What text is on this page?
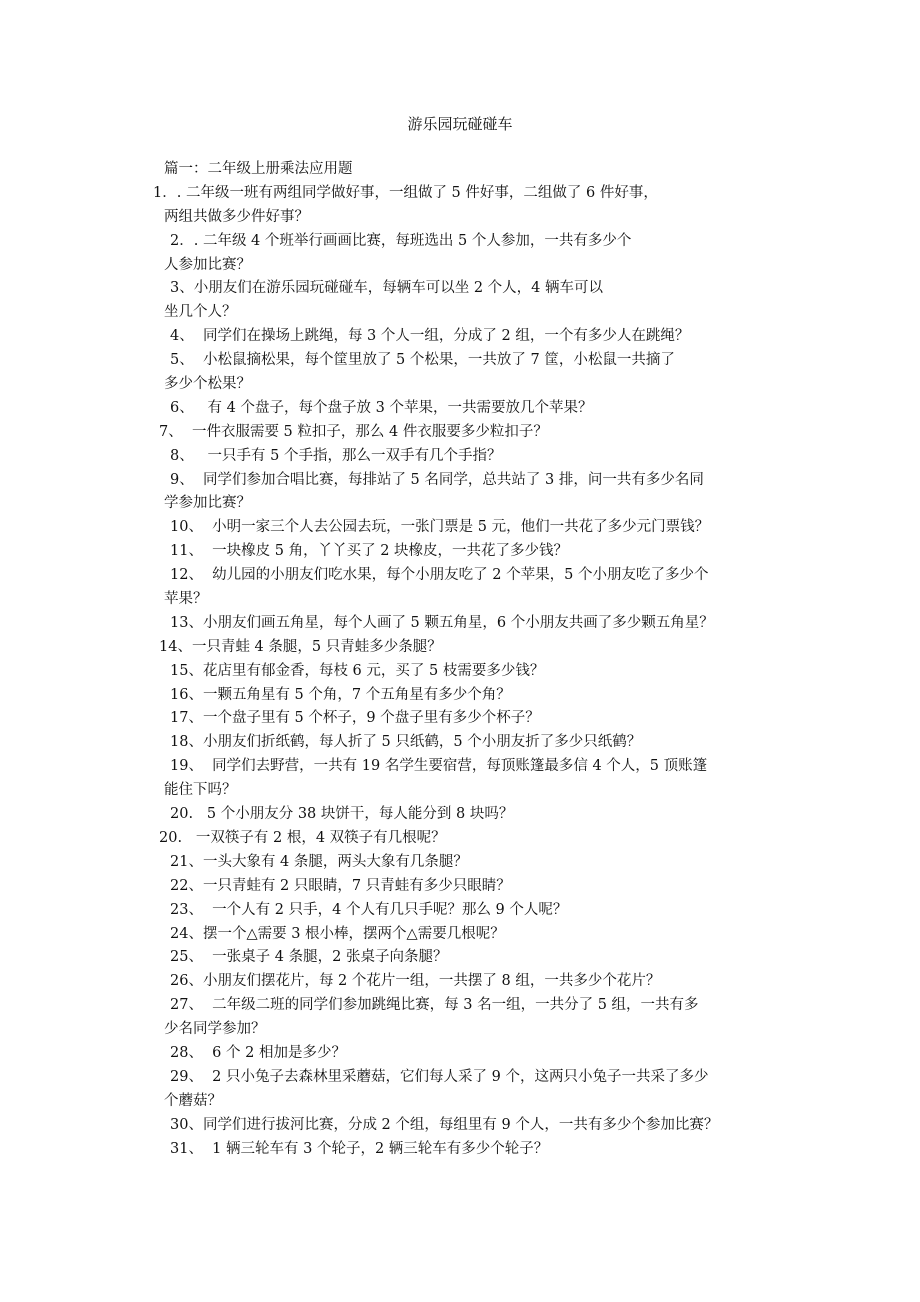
游乐园玩碰碰车
篇一：二年级上册乘法应用题
1．. 二年级一班有两组同学做好事，一组做了 5 件好事，二组做了 6 件好事，
两组共做多少件好事？
2．. 二年级 4 个班举行画画比赛，每班选出 5 个人参加，一共有多少个
人参加比赛？
3、小朋友们在游乐园玩碰碰车，每辆车可以坐 2 个人，4 辆车可以
坐几个人？
4、  同学们在操场上跳绳，每 3 个人一组，分成了 2 组，一个有多少人在跳绳？
5、  小松鼠摘松果，每个筐里放了 5 个松果，一共放了 7 筐，小松鼠一共摘了
多少个松果？
6、   有 4 个盘子，每个盘子放 3 个苹果，一共需要放几个苹果？
7、  一件衣服需要 5 粒扣子，那么 4 件衣服要多少粒扣子？
8、   一只手有 5 个手指，那么一双手有几个手指？
9、  同学们参加合唱比赛，每排站了 5 名同学，总共站了 3 排，问一共有多少名同
学参加比赛？
10、  小明一家三个人去公园去玩，一张门票是 5 元，他们一共花了多少元门票钱？
11、  一块橡皮 5 角，丫丫买了 2 块橡皮，一共花了多少钱？
12、  幼儿园的小朋友们吃水果，每个小朋友吃了 2 个苹果，5 个小朋友吃了多少个
苹果？
13、小朋友们画五角星，每个人画了 5 颗五角星，6 个小朋友共画了多少颗五角星？
14、一只青蛙 4 条腿，5 只青蛙多少条腿？
15、花店里有郁金香，每枝 6 元，买了 5 枝需要多少钱？
16、一颗五角星有 5 个角，7 个五角星有多少个角？
17、一个盘子里有 5 个杯子，9 个盘子里有多少个杯子？
18、小朋友们折纸鹤，每人折了 5 只纸鹤，5 个小朋友折了多少只纸鹤？
19、  同学们去野营，一共有 19 名学生要宿营，每顶账篷最多信 4 个人，5 顶账篷
能住下吗？
20.   5 个小朋友分 38 块饼干，每人能分到 8 块吗？
20.   一双筷子有 2 根，4 双筷子有几根呢？
21、一头大象有 4 条腿，两头大象有几条腿？
22、一只青蛙有 2 只眼睛，7 只青蛙有多少只眼睛？
23、  一个人有 2 只手，4 个人有几只手呢？那么 9 个人呢？
24、摆一个△需要 3 根小棒，摆两个△需要几根呢？
25、  一张桌子 4 条腿，2 张桌子向条腿？
26、小朋友们摆花片，每 2 个花片一组，一共摆了 8 组，一共多少个花片？
27、  二年级二班的同学们参加跳绳比赛，每 3 名一组，一共分了 5 组，一共有多
少名同学参加？
28、  6 个 2 相加是多少？
29、  2 只小兔子去森林里采蘑菇，它们每人采了 9 个，这两只小兔子一共采了多少
个蘑菇？
30、同学们进行拔河比赛，分成 2 个组，每组里有 9 个人，一共有多少个参加比赛？
31、  1 辆三轮车有 3 个轮子，2 辆三轮车有多少个轮子？
